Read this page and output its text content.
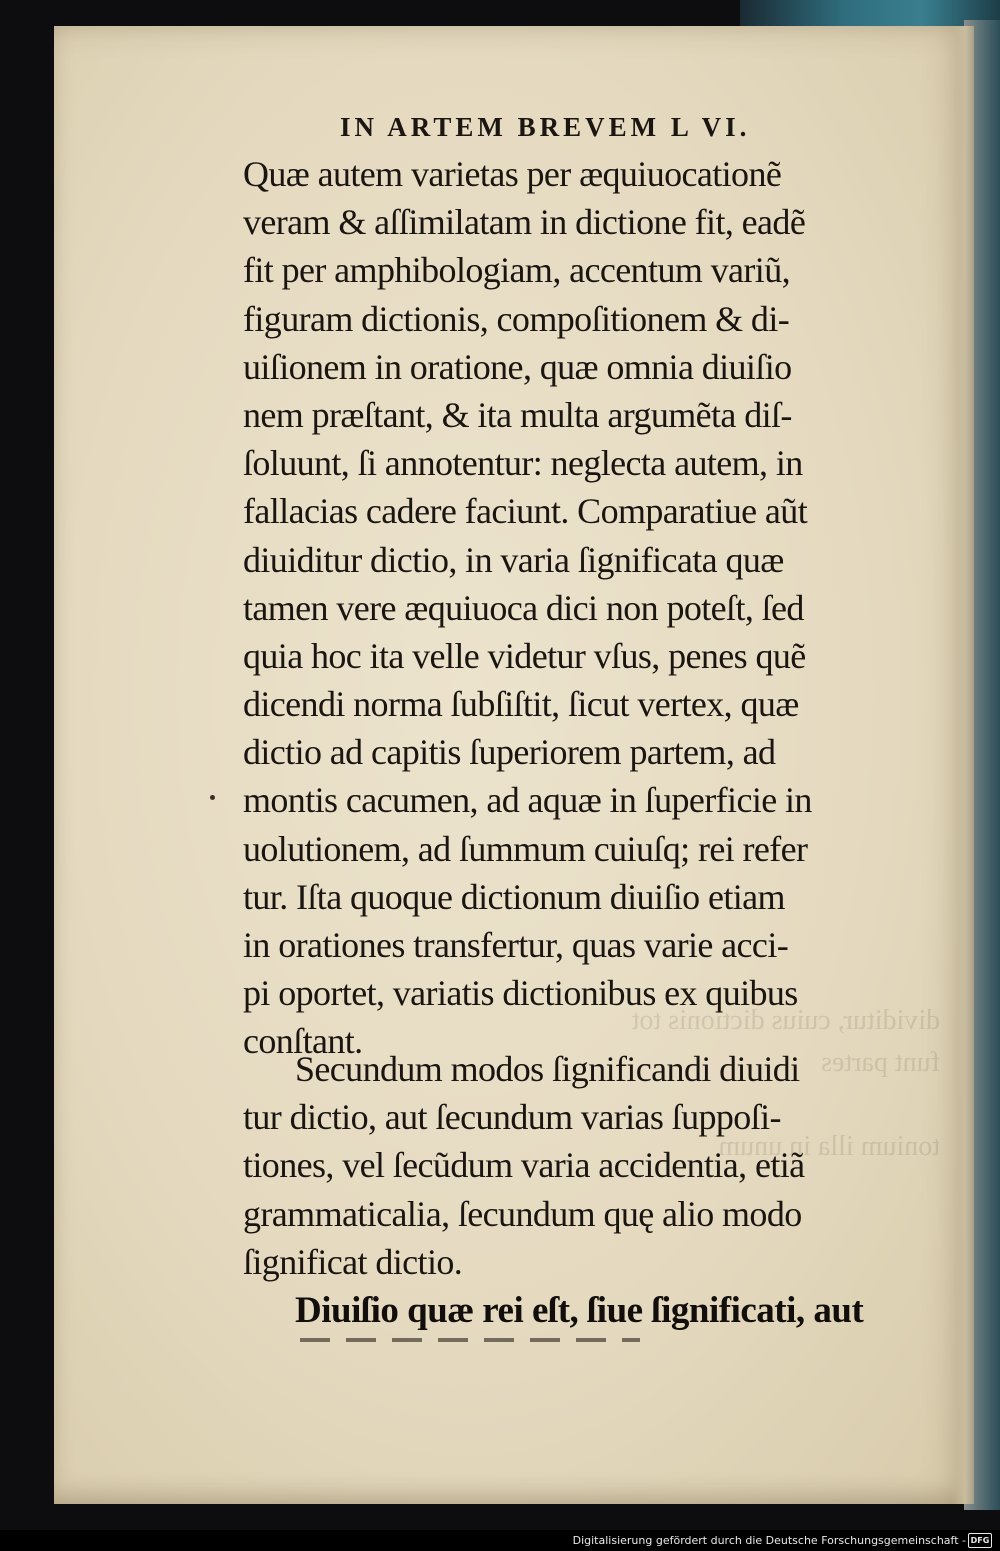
IN ARTEM BREVEM L VI.
Quæ autem varietas per æquiuocationẽ
veram & aſſimilatam in dictione fit, eadẽ
fit per amphibologiam, accentum variũ,
figuram dictionis, compoſitionem & di-
uiſionem in oratione, quæ omnia diuiſio
nem præſtant, & ita multa argumẽta diſ-
ſoluunt, ſi annotentur: neglecta autem, in
fallacias cadere faciunt. Comparatiue aũt
diuiditur dictio, in varia ſignificata quæ
tamen vere æquiuoca dici non poteſt, ſed
quia hoc ita velle videtur vſus, penes quẽ
dicendi norma ſubſiſtit, ſicut vertex, quæ
dictio ad capitis ſuperiorem partem, ad
montis cacumen, ad aquæ in ſuperficie in
uolutionem, ad ſummum cuiuſq; rei refer
tur. Iſta quoque dictionum diuiſio etiam
in orationes transfertur, quas varie acci-
pi oportet, variatis dictionibus ex quibus
conſtant.
Secundum modos ſignificandi diuidi
tur dictio, aut ſecundum varias ſuppoſi-
tiones, vel ſecũdum varia accidentia, etiã
grammaticalia, ſecundum quę alio modo
ſignificat dictio.
Diuiſio quæ rei eſt, ſiue ſignificati, aut
Digitalisierung gefördert durch die Deutsche Forschungsgemeinschaft - DFG
